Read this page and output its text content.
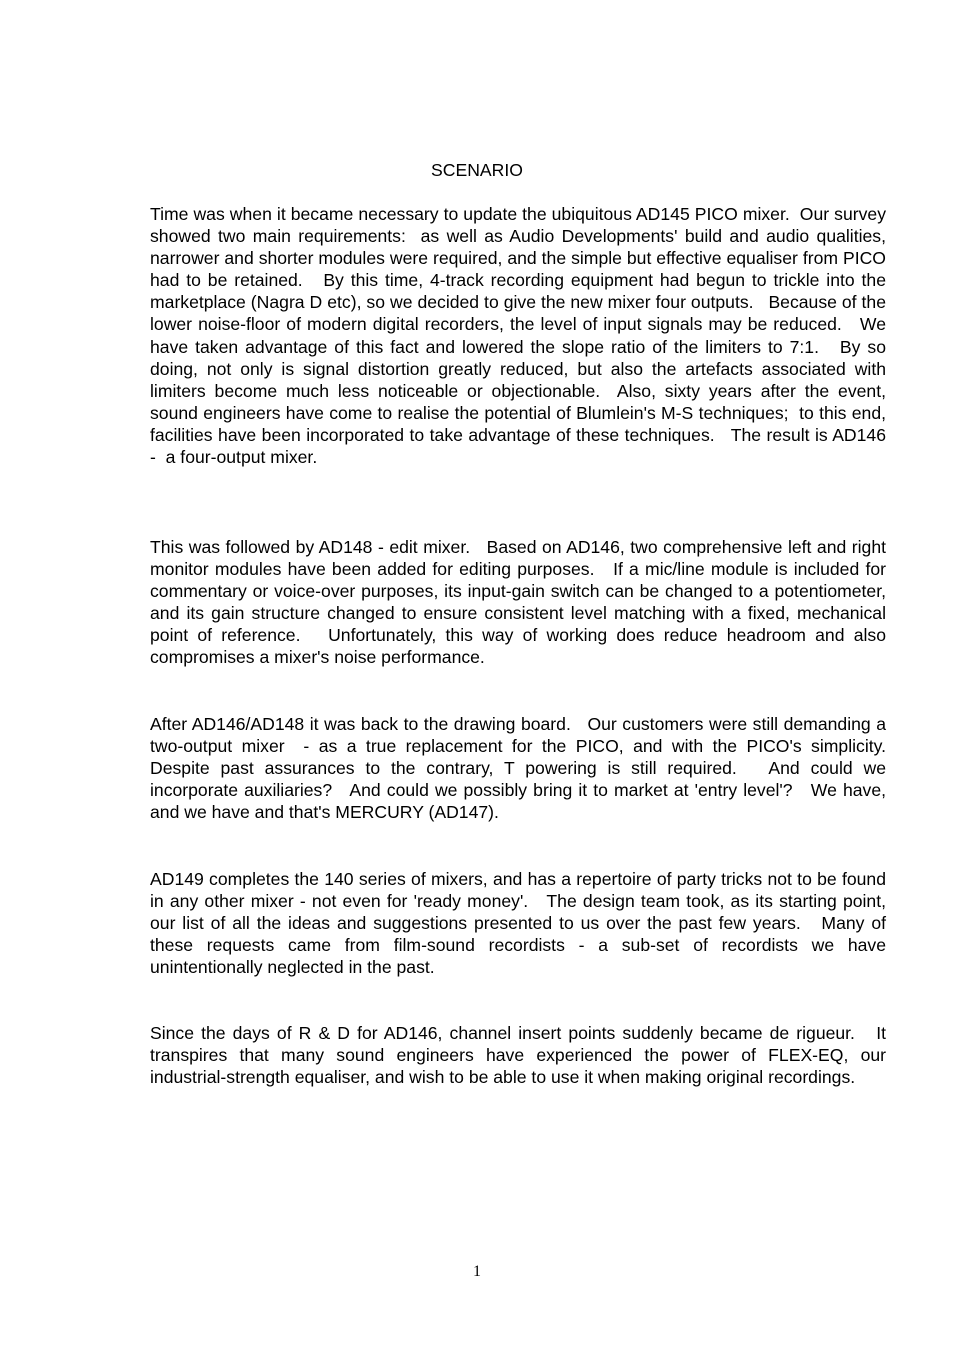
SCENARIO

Time was when it became necessary to update the ubiquitous AD145 PICO mixer.  Our survey showed two main requirements:  as well as Audio Developments' build and audio qualities, narrower and shorter modules were required, and the simple but effective equaliser from PICO had to be retained.   By this time, 4-track recording equipment had begun to trickle into the marketplace (Nagra D etc), so we decided to give the new mixer four outputs.   Because of the lower noise-floor of modern digital recorders, the level of input signals may be reduced.   We have taken advantage of this fact and lowered the slope ratio of the limiters to 7:1.   By so doing, not only is signal distortion greatly reduced, but also the artefacts associated with limiters become much less noticeable or objectionable.  Also, sixty years after the event, sound engineers have come to realise the potential of Blumlein's M-S techniques;  to this end, facilities have been incorporated to take advantage of these techniques.   The result is AD146  -  a four-output mixer.

This was followed by AD148 - edit mixer.   Based on AD146, two comprehensive left and right monitor modules have been added for editing purposes.   If a mic/line module is included for commentary or voice-over purposes, its input-gain switch can be changed to a potentiometer, and its gain structure changed to ensure consistent level matching with a fixed, mechanical point of reference.   Unfortunately, this way of working does reduce headroom and also compromises a mixer's noise performance.

After AD146/AD148 it was back to the drawing board.   Our customers were still demanding a two-output mixer  - as a true replacement for the PICO, and with the PICO's simplicity.    Despite past assurances to the contrary, T powering is still required.   And could we incorporate auxiliaries?   And could we possibly bring it to market at 'entry level'?   We have, and we have and that's MERCURY (AD147).

AD149 completes the 140 series of mixers, and has a repertoire of party tricks not to be found in any other mixer - not even for 'ready money'.   The design team took, as its starting point, our list of all the ideas and suggestions presented to us over the past few years.   Many of these requests came from film-sound recordists - a sub-set of recordists we have unintentionally neglected in the past.

Since the days of R & D for AD146, channel insert points suddenly became de rigueur.   It transpires that many sound engineers have experienced the power of FLEX-EQ, our industrial-strength equaliser, and wish to be able to use it when making original recordings.

1
